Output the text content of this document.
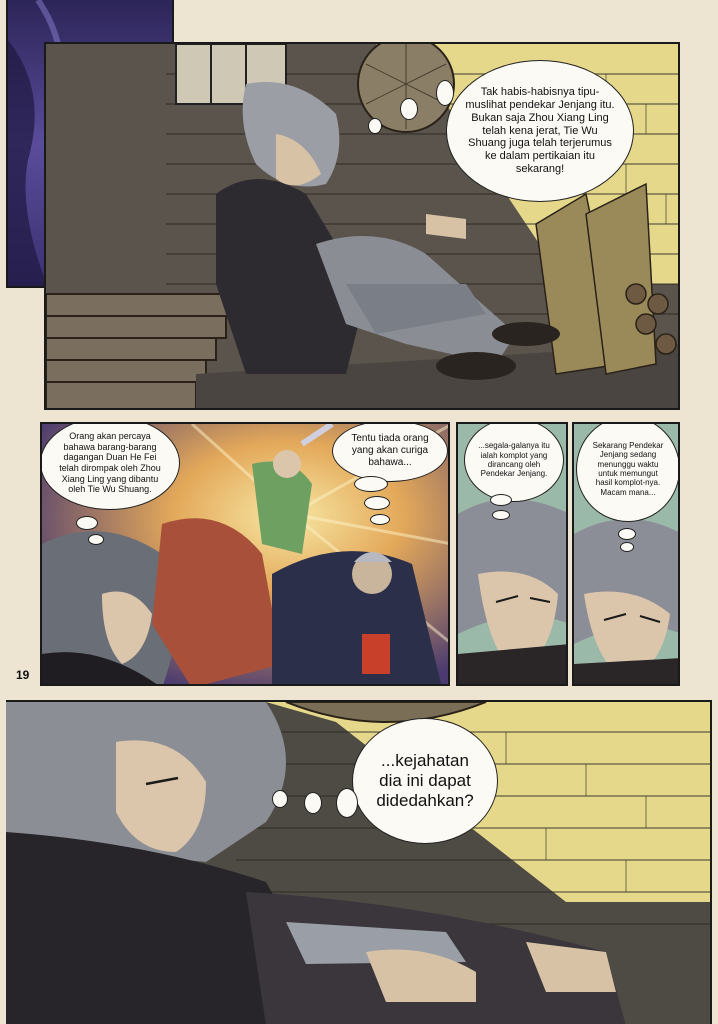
Tak habis-habisnya tipu-muslihat pendekar Jenjang itu. Bukan saja Zhou Xiang Ling telah kena jerat, Tie Wu Shuang juga telah terjerumus ke dalam pertikaian itu sekarang!
Orang akan percaya bahawa barang-barang dagangan Duan He Fei telah dirompak oleh Zhou Xiang Ling yang dibantu oleh Tie Wu Shuang.
Tentu tiada orang yang akan curiga bahawa...
...segala-galanya itu ialah komplot yang dirancang oleh Pendekar Jenjang.
Sekarang Pendekar Jenjang sedang menunggu waktu untuk memungut hasil komplot-nya. Macam mana...
19
...kejahatan dia ini dapat didedahkan?
